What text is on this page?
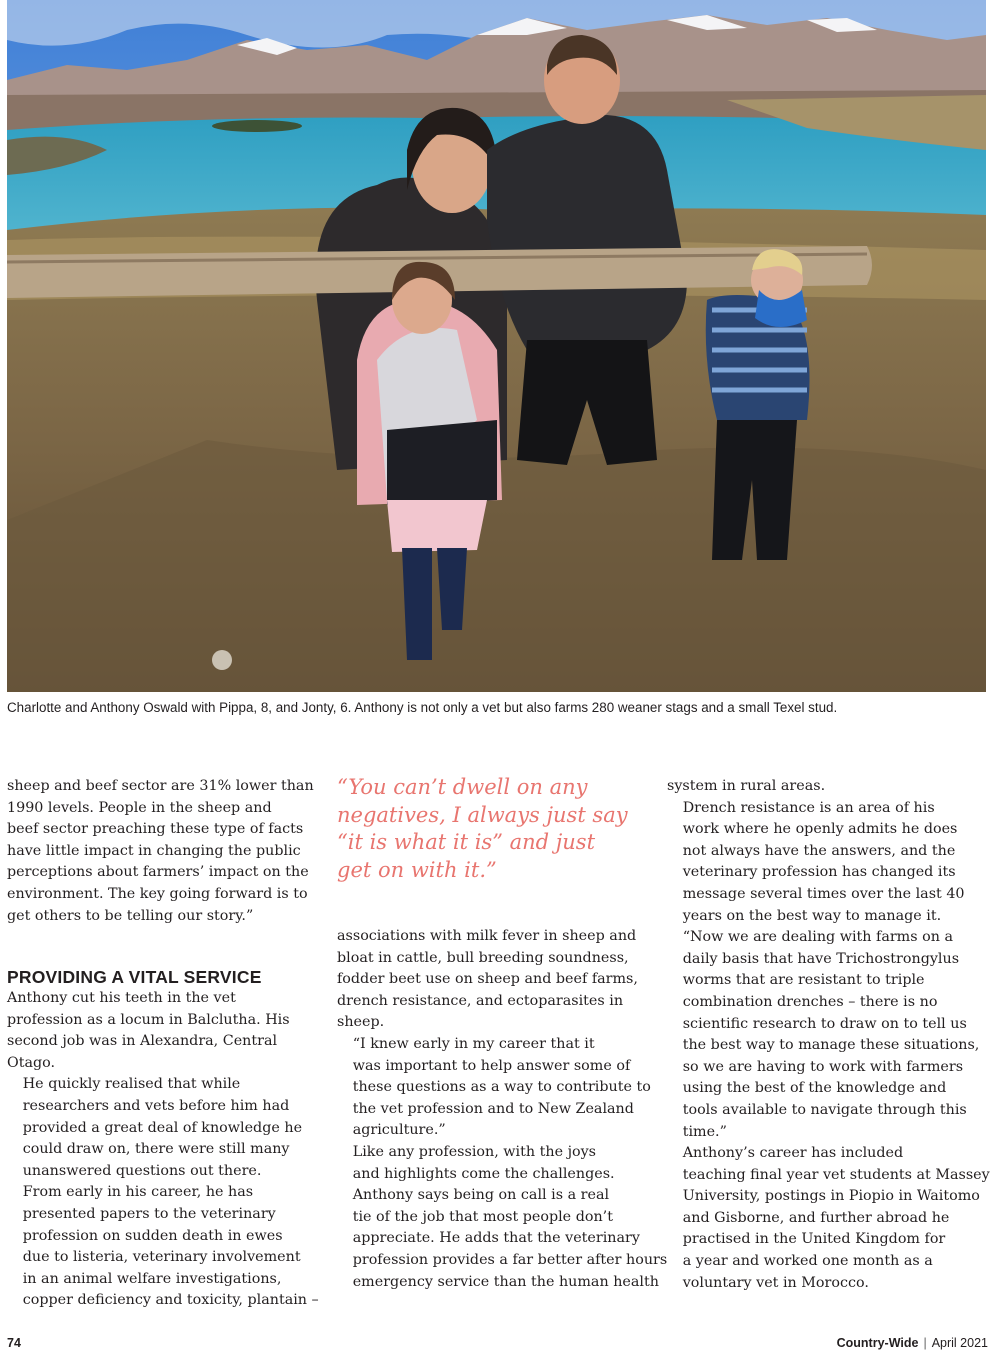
Charlotte and Anthony Oswald with Pippa, 8, and Jonty, 6. Anthony is not only a vet but also farms 280 weaner stags and a small Texel stud.

sheep and beef sector are 31% lower than
1990 levels. People in the sheep and
beef sector preaching these type of facts
have little impact in changing the public
perceptions about farmers’ impact on the
environment. The key going forward is to
get others to be telling our story.”

PROVIDING A VITAL SERVICE

Anthony cut his teeth in the vet
profession as a locum in Balclutha. His
second job was in Alexandra, Central
Otago.

He quickly realised that while
researchers and vets before him had
provided a great deal of knowledge he
could draw on, there were still many
unanswered questions out there.

From early in his career, he has
presented papers to the veterinary
profession on sudden death in ewes
due to listeria, veterinary involvement
in an animal welfare investigations,
copper deficiency and toxicity, plantain –

“You can’t dwell on any
negatives, I always just say
“it is what it is” and just
get on with it.”

associations with milk fever in sheep and
bloat in cattle, bull breeding soundness,
fodder beet use on sheep and beef farms,
drench resistance, and ectoparasites in
sheep.

“I knew early in my career that it
was important to help answer some of
these questions as a way to contribute to
the vet profession and to New Zealand
agriculture.”

Like any profession, with the joys
and highlights come the challenges.
Anthony says being on call is a real
tie of the job that most people don’t
appreciate. He adds that the veterinary
profession provides a far better after hours
emergency service than the human health

system in rural areas.

Drench resistance is an area of his
work where he openly admits he does
not always have the answers, and the
veterinary profession has changed its
message several times over the last 40
years on the best way to manage it.

“Now we are dealing with farms on a
daily basis that have Trichostrongylus
worms that are resistant to triple
combination drenches – there is no
scientific research to draw on to tell us
the best way to manage these situations,
so we are having to work with farmers
using the best of the knowledge and
tools available to navigate through this
time.”

Anthony’s career has included
teaching final year vet students at Massey
University, postings in Piopio in Waitomo
and Gisborne, and further abroad he
practised in the United Kingdom for
a year and worked one month as a
voluntary vet in Morocco.

74	Country-Wide | April 2021
